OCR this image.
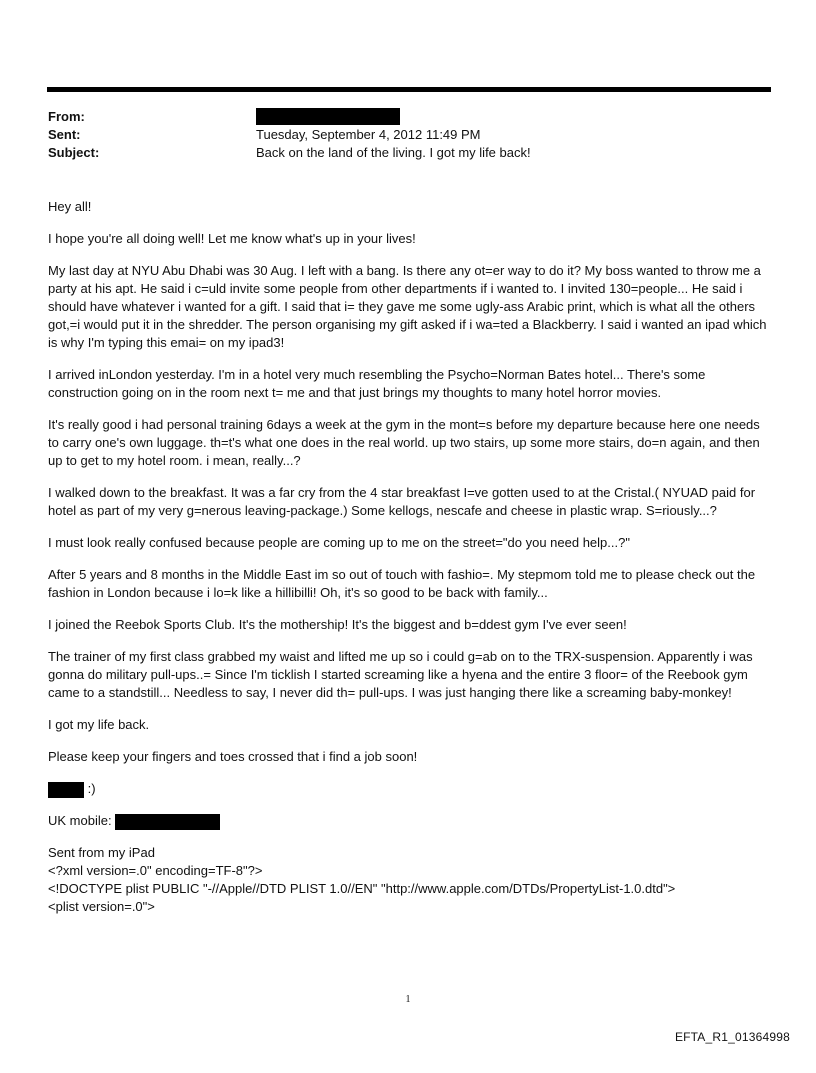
From:
Sent:	Tuesday, September 4, 2012 11:49 PM
Subject:	Back on the land of the living. I got my life back!

Hey all!

I hope you're all doing well! Let me know what's up in your lives!

My last day at NYU Abu Dhabi was 30 Aug. I left with a bang. Is there any ot=er way to do it? My boss wanted to throw me a party at his apt. He said i c=uld invite some people from other departments if i wanted to. I invited 130=people... He said i should have whatever i wanted for a gift. I said that i= they gave me some ugly-ass Arabic print, which is what all the others got,=i would put it in the shredder. The person organising my gift asked if i wa=ted a Blackberry. I said i wanted an ipad which is why I'm typing this emai= on my ipad3!

I arrived inLondon yesterday. I'm in a hotel very much resembling the Psycho=Norman Bates hotel... There's some construction going on in the room next t= me and that just brings my thoughts to many hotel horror movies.

It's really good i had personal training 6days a week at the gym in the mont=s before my departure because here one needs to carry one's own luggage. th=t's what one does in the real world. up two stairs, up some more stairs, do=n again, and then up to get to my hotel room. i mean, really...?

I walked down to the breakfast. It was a far cry from the 4 star breakfast I=ve gotten used to at the Cristal.( NYUAD paid for hotel as part of my very g=nerous leaving-package.) Some kellogs, nescafe and cheese in plastic wrap. S=riously...?

I must look really confused because people are coming up to me on the street="do you need help...?"

After 5 years and 8 months in the Middle East im so out of touch with fashio=. My stepmom told me to please check out the fashion in London because i lo=k like a hillibilli! Oh, it's so good to be back with family...

I joined the Reebok Sports Club. It's the mothership! It's the biggest and b=ddest gym I've ever seen!

The trainer of my first class grabbed my waist and lifted me up so i could g=ab on to the TRX-suspension. Apparently i was gonna do military pull-ups..= Since I'm ticklish I started screaming like a hyena and the entire 3 floor= of the Reebook gym came to a standstill... Needless to say, I never did th= pull-ups. I was just hanging there like a screaming baby-monkey!

I got my life back.

Please keep your fingers and toes crossed that i find a job soon!

:)
UK mobile:
Sent from my iPad
<?xml version=.0" encoding=TF-8"?>
<!DOCTYPE plist PUBLIC "-//Apple//DTD PLIST 1.0//EN" "http://www.apple.com/DTDs/PropertyList-1.0.dtd">
<plist version=.0">
1
EFTA_R1_01364998
